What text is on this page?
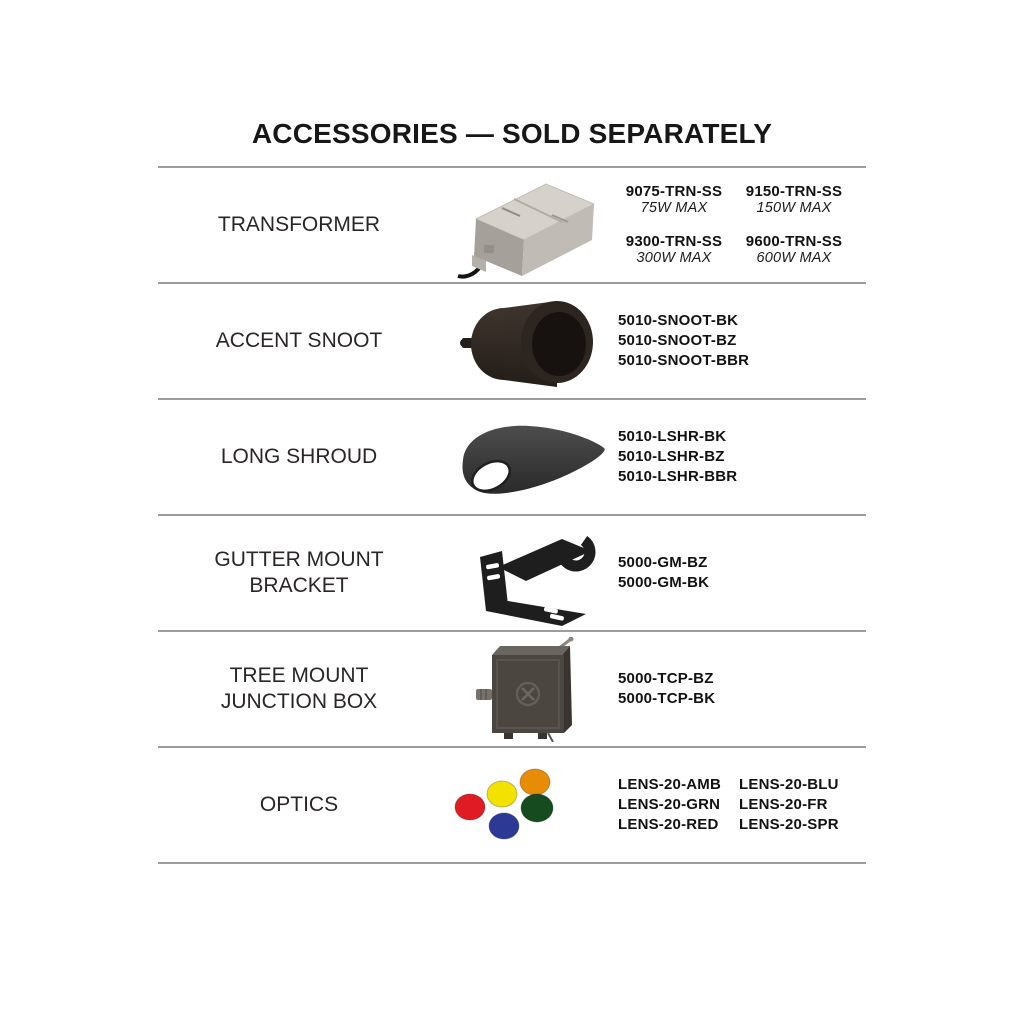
ACCESSORIES — SOLD SEPARATELY
TRANSFORMER
9075-TRN-SS
75W MAX
9150-TRN-SS
150W MAX
9300-TRN-SS
300W MAX
9600-TRN-SS
600W MAX
ACCENT SNOOT
5010-SNOOT-BK
5010-SNOOT-BZ
5010-SNOOT-BBR
LONG SHROUD
5010-LSHR-BK
5010-LSHR-BZ
5010-LSHR-BBR
GUTTER MOUNT
BRACKET
5000-GM-BZ
5000-GM-BK
TREE MOUNT
JUNCTION BOX
5000-TCP-BZ
5000-TCP-BK
OPTICS
LENS-20-AMB
LENS-20-GRN
LENS-20-RED
LENS-20-BLU
LENS-20-FR
LENS-20-SPR
